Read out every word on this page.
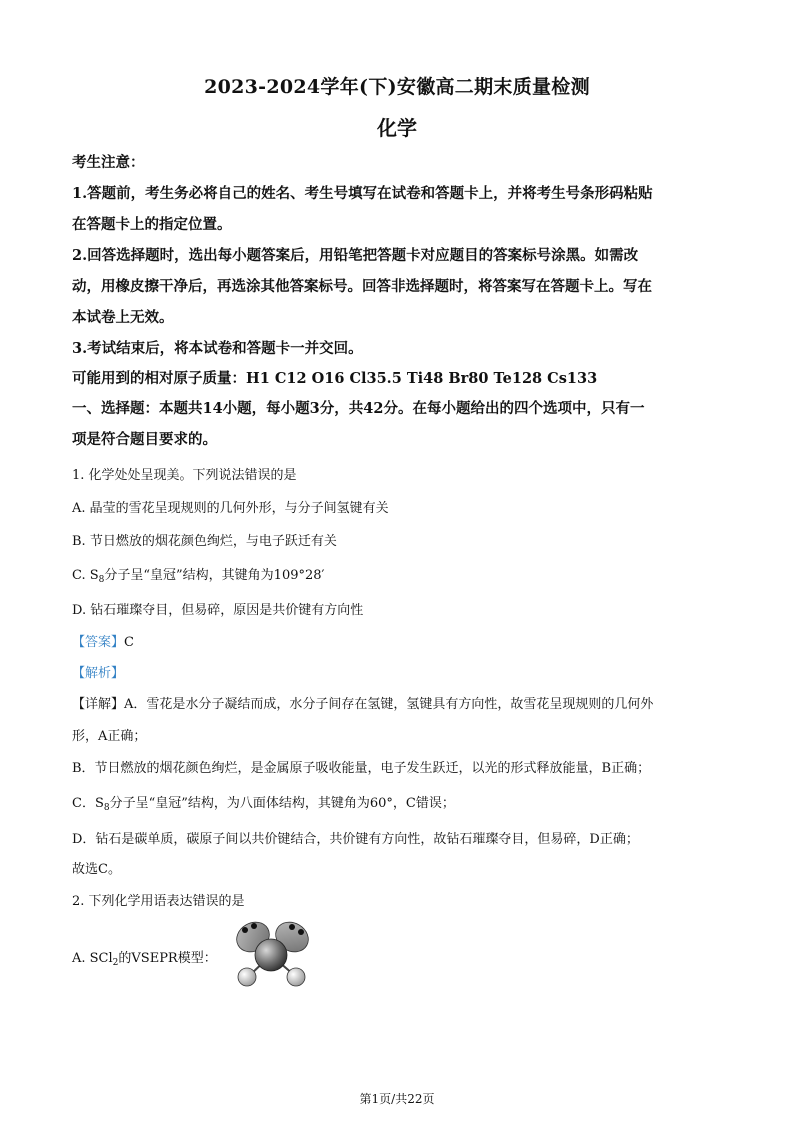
2023-2024学年(下)安徽高二期末质量检测
化学
考生注意：
1.答题前，考生务必将自己的姓名、考生号填写在试卷和答题卡上，并将考生号条形码粘贴
在答题卡上的指定位置。
2.回答选择题时，选出每小题答案后，用铅笔把答题卡对应题目的答案标号涂黑。如需改
动，用橡皮擦干净后，再选涂其他答案标号。回答非选择题时，将答案写在答题卡上。写在
本试卷上无效。
3.考试结束后，将本试卷和答题卡一并交回。
可能用到的相对原子质量：H1 C12 O16 Cl35.5 Ti48 Br80 Te128 Cs133
一、选择题：本题共14小题，每小题3分，共42分。在每小题给出的四个选项中，只有一
项是符合题目要求的。
1. 化学处处呈现美。下列说法错误的是
A. 晶莹的雪花呈现规则的几何外形，与分子间氢键有关
B. 节日燃放的烟花颜色绚烂，与电子跃迁有关
C. $S_8$分子呈“皇冠”结构，其键角为109°28′
D. 钻石璀璨夺目，但易碎，原因是共价键有方向性
【答案】C
【解析】
【详解】A．雪花是水分子凝结而成，水分子间存在氢键，氢键具有方向性，故雪花呈现规则的几何外
形，A正确；
B．节日燃放的烟花颜色绚烂，是金属原子吸收能量，电子发生跃迁，以光的形式释放能量，B正确；
C．$S_8$分子呈“皇冠”结构，为八面体结构，其键角为60°，C错误；
D．钻石是碳单质，碳原子间以共价键结合，共价键有方向性，故钻石璀璨夺目，但易碎，D正确；
故选C。
2. 下列化学用语表达错误的是
A. SCl$_2$的VSEPR模型：
第1页/共22页
